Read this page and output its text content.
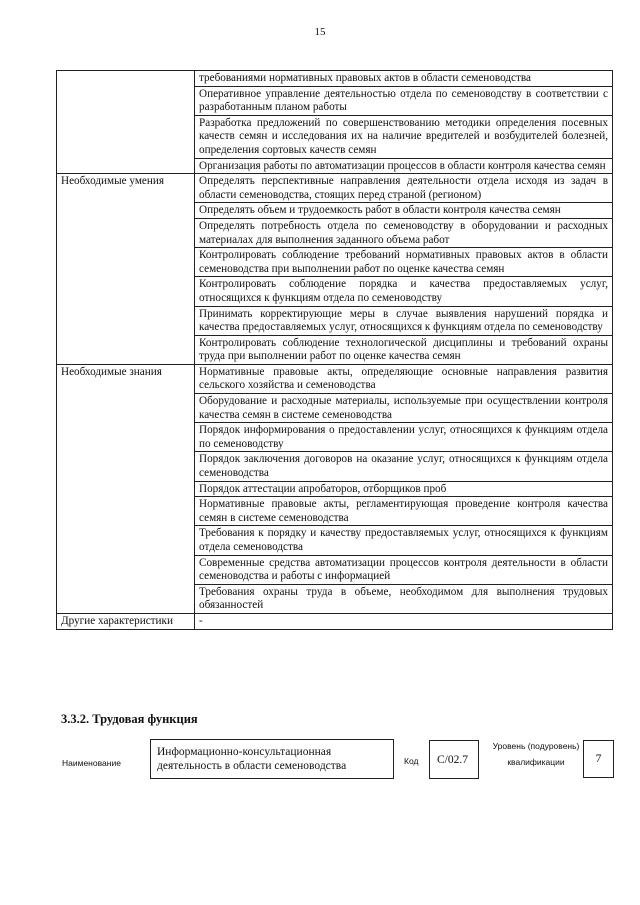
15
	требованиями нормативных правовых актов в области семеноводства
	Оперативное управление деятельностью отдела по семеноводству в соответствии с разработанным планом работы
	Разработка предложений по совершенствованию методики определения посевных качеств семян и исследования их на наличие вредителей и возбудителей болезней, определения сортовых качеств семян
	Организация работы по автоматизации процессов в области контроля качества семян
Необходимые умения	Определять перспективные направления деятельности отдела исходя из задач в области семеноводства, стоящих перед страной (регионом)
	Определять объем и трудоемкость работ в области контроля качества семян
	Определять потребность отдела по семеноводству в оборудовании и расходных материалах для выполнения заданного объема работ
	Контролировать соблюдение требований нормативных правовых актов в области семеноводства при выполнении работ по оценке качества семян
	Контролировать соблюдение порядка и качества предоставляемых услуг, относящихся к функциям отдела по семеноводству
	Принимать корректирующие меры в случае выявления нарушений порядка и качества предоставляемых услуг, относящихся к функциям отдела по семеноводству
	Контролировать соблюдение технологической дисциплины и требований охраны труда при выполнении работ по оценке качества семян
Необходимые знания	Нормативные правовые акты, определяющие основные направления развития сельского хозяйства и семеноводства
	Оборудование и расходные материалы, используемые при осуществлении контроля качества семян в системе семеноводства
	Порядок информирования о предоставлении услуг, относящихся к функциям отдела по семеноводству
	Порядок заключения договоров на оказание услуг, относящихся к функциям отдела семеноводства
	Порядок аттестации апробаторов, отборщиков проб
	Нормативные правовые акты, регламентирующая проведение контроля качества семян в системе семеноводства
	Требования к порядку и качеству предоставляемых услуг, относящихся к функциям отдела семеноводства
	Современные средства автоматизации процессов контроля деятельности в области семеноводства и работы с информацией
	Требования охраны труда в объеме, необходимом для выполнения трудовых обязанностей
Другие характеристики	-
3.3.2. Трудовая функция
Наименование
Информационно-консультационная деятельность в области семеноводства	Код	C/02.7
Уровень (подуровень) квалификации	7
